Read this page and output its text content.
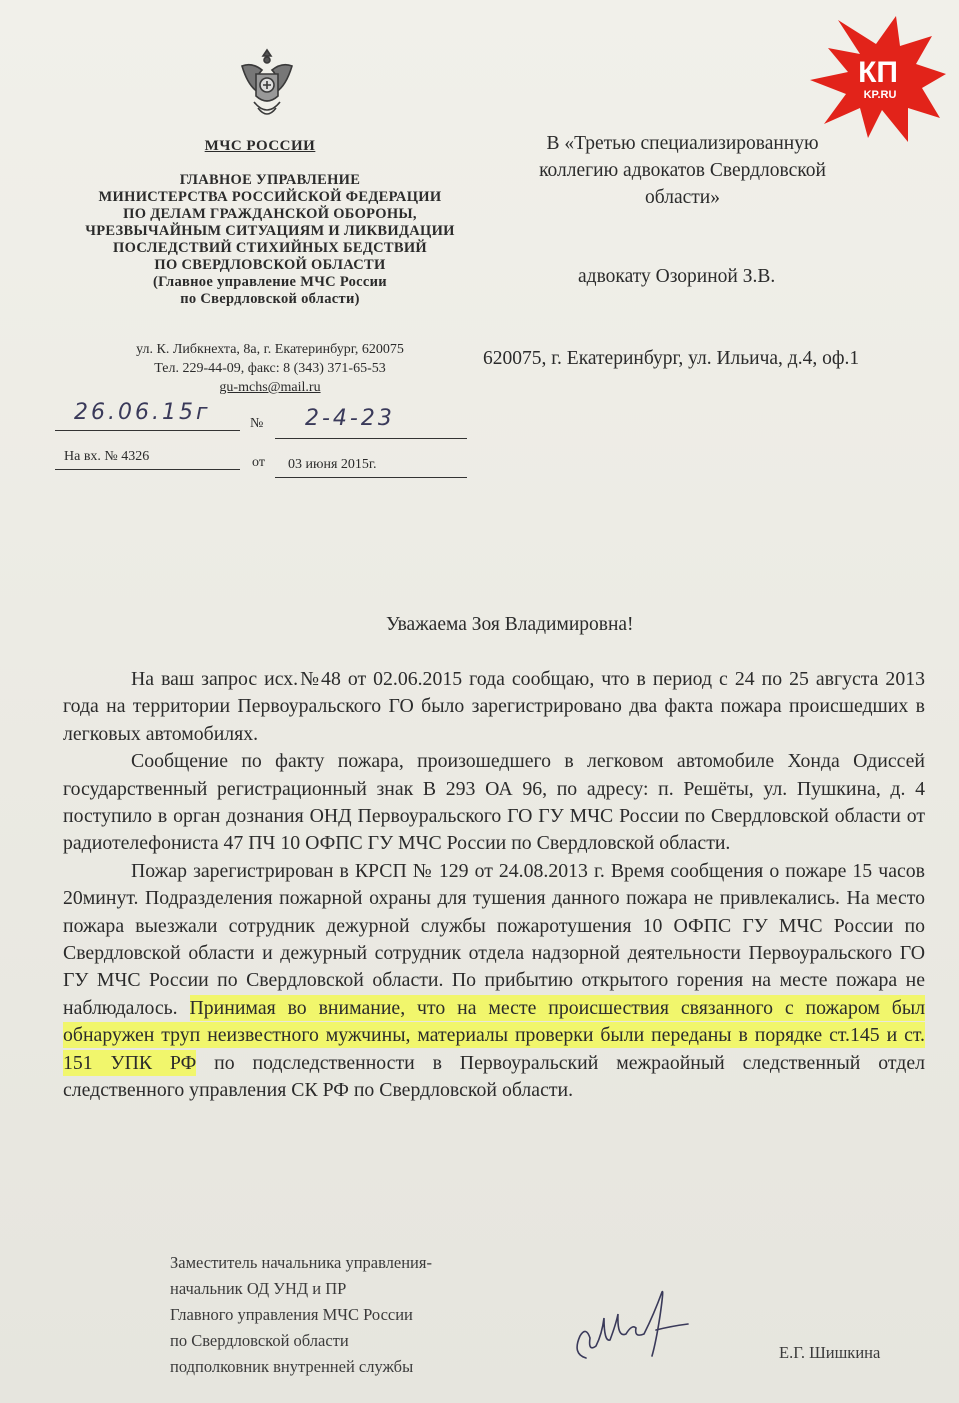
МЧС РОССИИ
ГЛАВНОЕ УПРАВЛЕНИЕ
МИНИСТЕРСТВА РОССИЙСКОЙ ФЕДЕРАЦИИ
ПО ДЕЛАМ ГРАЖДАНСКОЙ ОБОРОНЫ,
ЧРЕЗВЫЧАЙНЫМ СИТУАЦИЯМ И ЛИКВИДАЦИИ
ПОСЛЕДСТВИЙ СТИХИЙНЫХ БЕДСТВИЙ
ПО СВЕРДЛОВСКОЙ ОБЛАСТИ
(Главное управление МЧС России
по Свердловской области)
ул. К. Либкнехта, 8а, г. Екатеринбург, 620075
Тел. 229-44-09, факс: 8 (343) 371-65-53
gu-mchs@mail.ru
26.06.15г	№ 2-4-23
На вх. № 4326	от 03 июня 2015г.
В «Третью специализированную
коллегию адвокатов Свердловской
области»
адвокату Озориной З.В.
620075, г. Екатеринбург, ул. Ильича, д.4, оф.1
Уважаема Зоя Владимировна!

На ваш запрос исх.№48 от 02.06.2015 года сообщаю, что в период с 24 по 25 августа 2013 года на территории Первоуральского ГО было зарегистрировано два факта пожара происшедших в легковых автомобилях.

Сообщение по факту пожара, произошедшего в легковом автомобиле Хонда Одиссей государственный регистрационный знак В 293 ОА 96, по адресу: п. Решёты, ул. Пушкина, д. 4 поступило в орган дознания ОНД Первоуральского ГО ГУ МЧС России по Свердловской области от радиотелефониста 47 ПЧ 10 ОФПС ГУ МЧС России по Свердловской области.

Пожар зарегистрирован в КРСП № 129 от 24.08.2013 г. Время сообщения о пожаре 15 часов 20минут. Подразделения пожарной охраны для тушения данного пожара не привлекались. На место пожара выезжали сотрудник дежурной службы пожаротушения 10 ОФПС ГУ МЧС России по Свердловской области и дежурный сотрудник отдела надзорной деятельности Первоуральского ГО ГУ МЧС России по Свердловской области. По прибытию открытого горения на месте пожара не наблюдалось. Принимая во внимание, что на месте происшествия связанного с пожаром был обнаружен труп неизвестного мужчины, материалы проверки были переданы в порядке ст.145 и ст. 151 УПК РФ по подследственности в Первоуральский межраойный следственный отдел следственного управления СК РФ по Свердловской области.

Заместитель начальника управления-
начальник ОД УНД и ПР
Главного управления МЧС России
по Свердловской области
подполковник внутренней службы
Е.Г. Шишкина
КП
KP.RU
